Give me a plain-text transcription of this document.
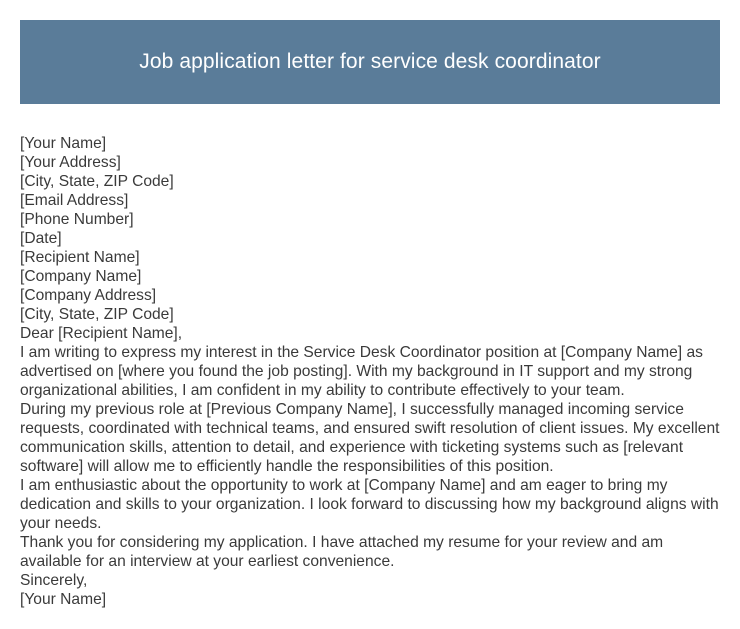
Job application letter for service desk coordinator
[Your Name]
[Your Address]
[City, State, ZIP Code]
[Email Address]
[Phone Number]
[Date]
[Recipient Name]
[Company Name]
[Company Address]
[City, State, ZIP Code]
Dear [Recipient Name],
I am writing to express my interest in the Service Desk Coordinator position at [Company Name] as advertised on [where you found the job posting]. With my background in IT support and my strong organizational abilities, I am confident in my ability to contribute effectively to your team.
During my previous role at [Previous Company Name], I successfully managed incoming service requests, coordinated with technical teams, and ensured swift resolution of client issues. My excellent communication skills, attention to detail, and experience with ticketing systems such as [relevant software] will allow me to efficiently handle the responsibilities of this position.
I am enthusiastic about the opportunity to work at [Company Name] and am eager to bring my dedication and skills to your organization. I look forward to discussing how my background aligns with your needs.
Thank you for considering my application. I have attached my resume for your review and am available for an interview at your earliest convenience.
Sincerely,
[Your Name]
